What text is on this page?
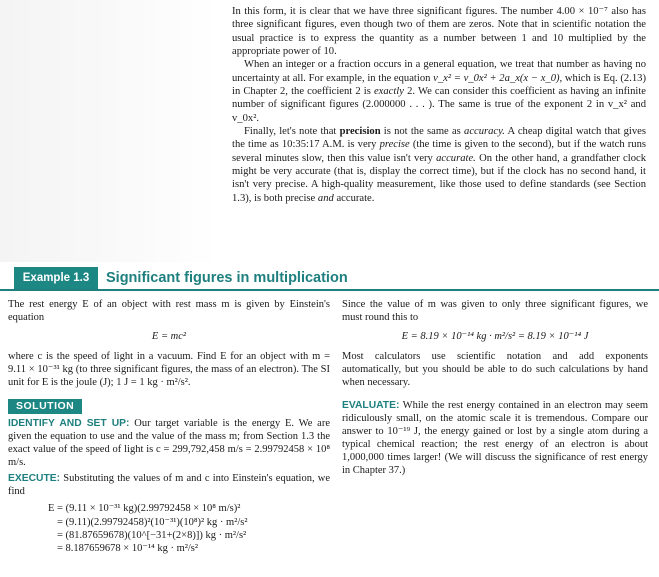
In this form, it is clear that we have three significant figures. The number 4.00 × 10⁻⁷ also has three significant figures, even though two of them are zeros. Note that in scientific notation the usual practice is to express the quantity as a number between 1 and 10 multiplied by the appropriate power of 10.

When an integer or a fraction occurs in a general equation, we treat that number as having no uncertainty at all. For example, in the equation v_x² = v_0x² + 2a_x(x − x_0), which is Eq. (2.13) in Chapter 2, the coefficient 2 is exactly 2. We can consider this coefficient as having an infinite number of significant figures (2.000000 . . . ). The same is true of the exponent 2 in v_x² and v_0x².

Finally, let's note that precision is not the same as accuracy. A cheap digital watch that gives the time as 10:35:17 A.M. is very precise (the time is given to the second), but if the watch runs several minutes slow, then this value isn't very accurate. On the other hand, a grandfather clock might be very accurate (that is, display the correct time), but if the clock has no second hand, it isn't very precise. A high-quality measurement, like those used to define standards (see Section 1.3), is both precise and accurate.

Example 1.3	Significant figures in multiplication

The rest energy E of an object with rest mass m is given by Einstein's equation

E = mc²

where c is the speed of light in a vacuum. Find E for an object with m = 9.11 × 10⁻³¹ kg (to three significant figures, the mass of an electron). The SI unit for E is the joule (J); 1 J = 1 kg · m²/s².

SOLUTION

IDENTIFY AND SET UP: Our target variable is the energy E. We are given the equation to use and the value of the mass m; from Section 1.3 the exact value of the speed of light is c = 299,792,458 m/s = 2.99792458 × 10⁸ m/s.

EXECUTE: Substituting the values of m and c into Einstein's equation, we find

E = (9.11 × 10⁻³¹ kg)(2.99792458 × 10⁸ m/s)²
= (9.11)(2.99792458)²(10⁻³¹)(10⁸)² kg · m²/s²
= (81.87659678)(10^[−31+(2×8)]) kg · m²/s²
= 8.187659678 × 10⁻¹⁴ kg · m²/s²

Since the value of m was given to only three significant figures, we must round this to

E = 8.19 × 10⁻¹⁴ kg · m²/s² = 8.19 × 10⁻¹⁴ J

Most calculators use scientific notation and add exponents automatically, but you should be able to do such calculations by hand when necessary.

EVALUATE: While the rest energy contained in an electron may seem ridiculously small, on the atomic scale it is tremendous. Compare our answer to 10⁻¹⁹ J, the energy gained or lost by a single atom during a typical chemical reaction; the rest energy of an electron is about 1,000,000 times larger! (We will discuss the significance of rest energy in Chapter 37.)
